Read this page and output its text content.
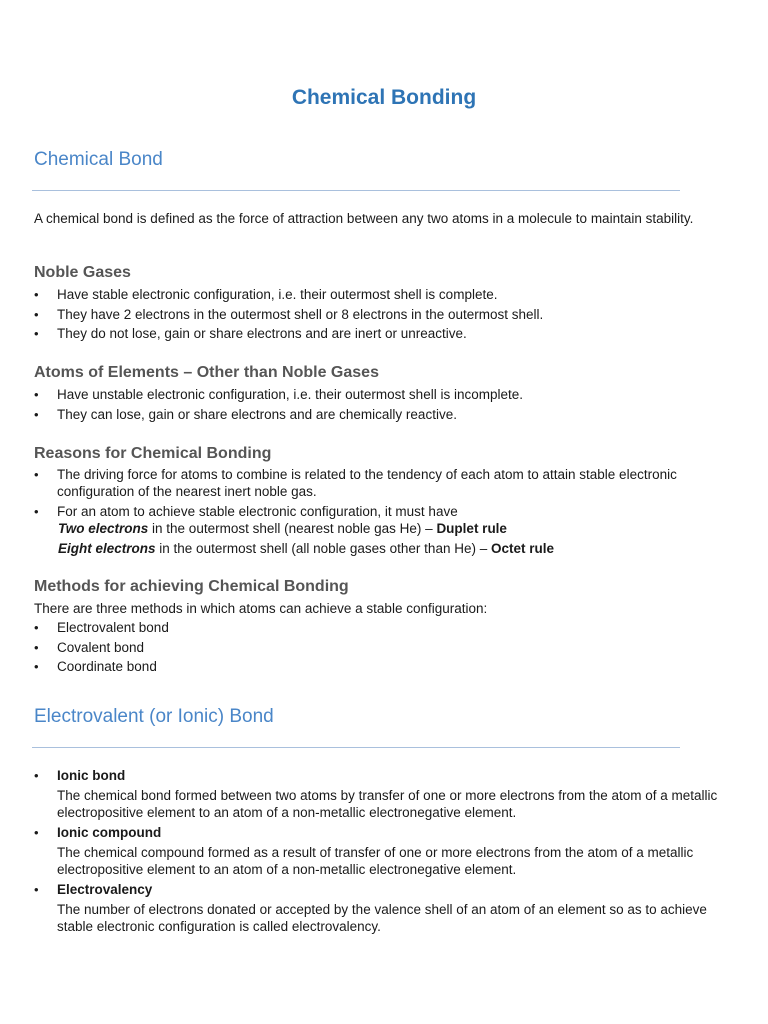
Chemical Bonding
Chemical Bond

A chemical bond is defined as the force of attraction between any two atoms in a molecule to maintain stability.

Noble Gases
• Have stable electronic configuration, i.e. their outermost shell is complete.
• They have 2 electrons in the outermost shell or 8 electrons in the outermost shell.
• They do not lose, gain or share electrons and are inert or unreactive.
Atoms of Elements – Other than Noble Gases
• Have unstable electronic configuration, i.e. their outermost shell is incomplete.
• They can lose, gain or share electrons and are chemically reactive.
Reasons for Chemical Bonding
• The driving force for atoms to combine is related to the tendency of each atom to attain stable electronic configuration of the nearest inert noble gas.
• For an atom to achieve stable electronic configuration, it must have

Two electrons in the outermost shell (nearest noble gas He) – Duplet rule

Eight electrons in the outermost shell (all noble gases other than He) – Octet rule

Methods for achieving Chemical Bonding

There are three methods in which atoms can achieve a stable configuration:

• Electrovalent bond
• Covalent bond
• Coordinate bond
Electrovalent (or Ionic) Bond
• Ionic bond
The chemical bond formed between two atoms by transfer of one or more electrons from the atom of a metallic electropositive element to an atom of a non-metallic electronegative element.
• Ionic compound
The chemical compound formed as a result of transfer of one or more electrons from the atom of a metallic electropositive element to an atom of a non-metallic electronegative element.
• Electrovalency
The number of electrons donated or accepted by the valence shell of an atom of an element so as to achieve stable electronic configuration is called electrovalency.
